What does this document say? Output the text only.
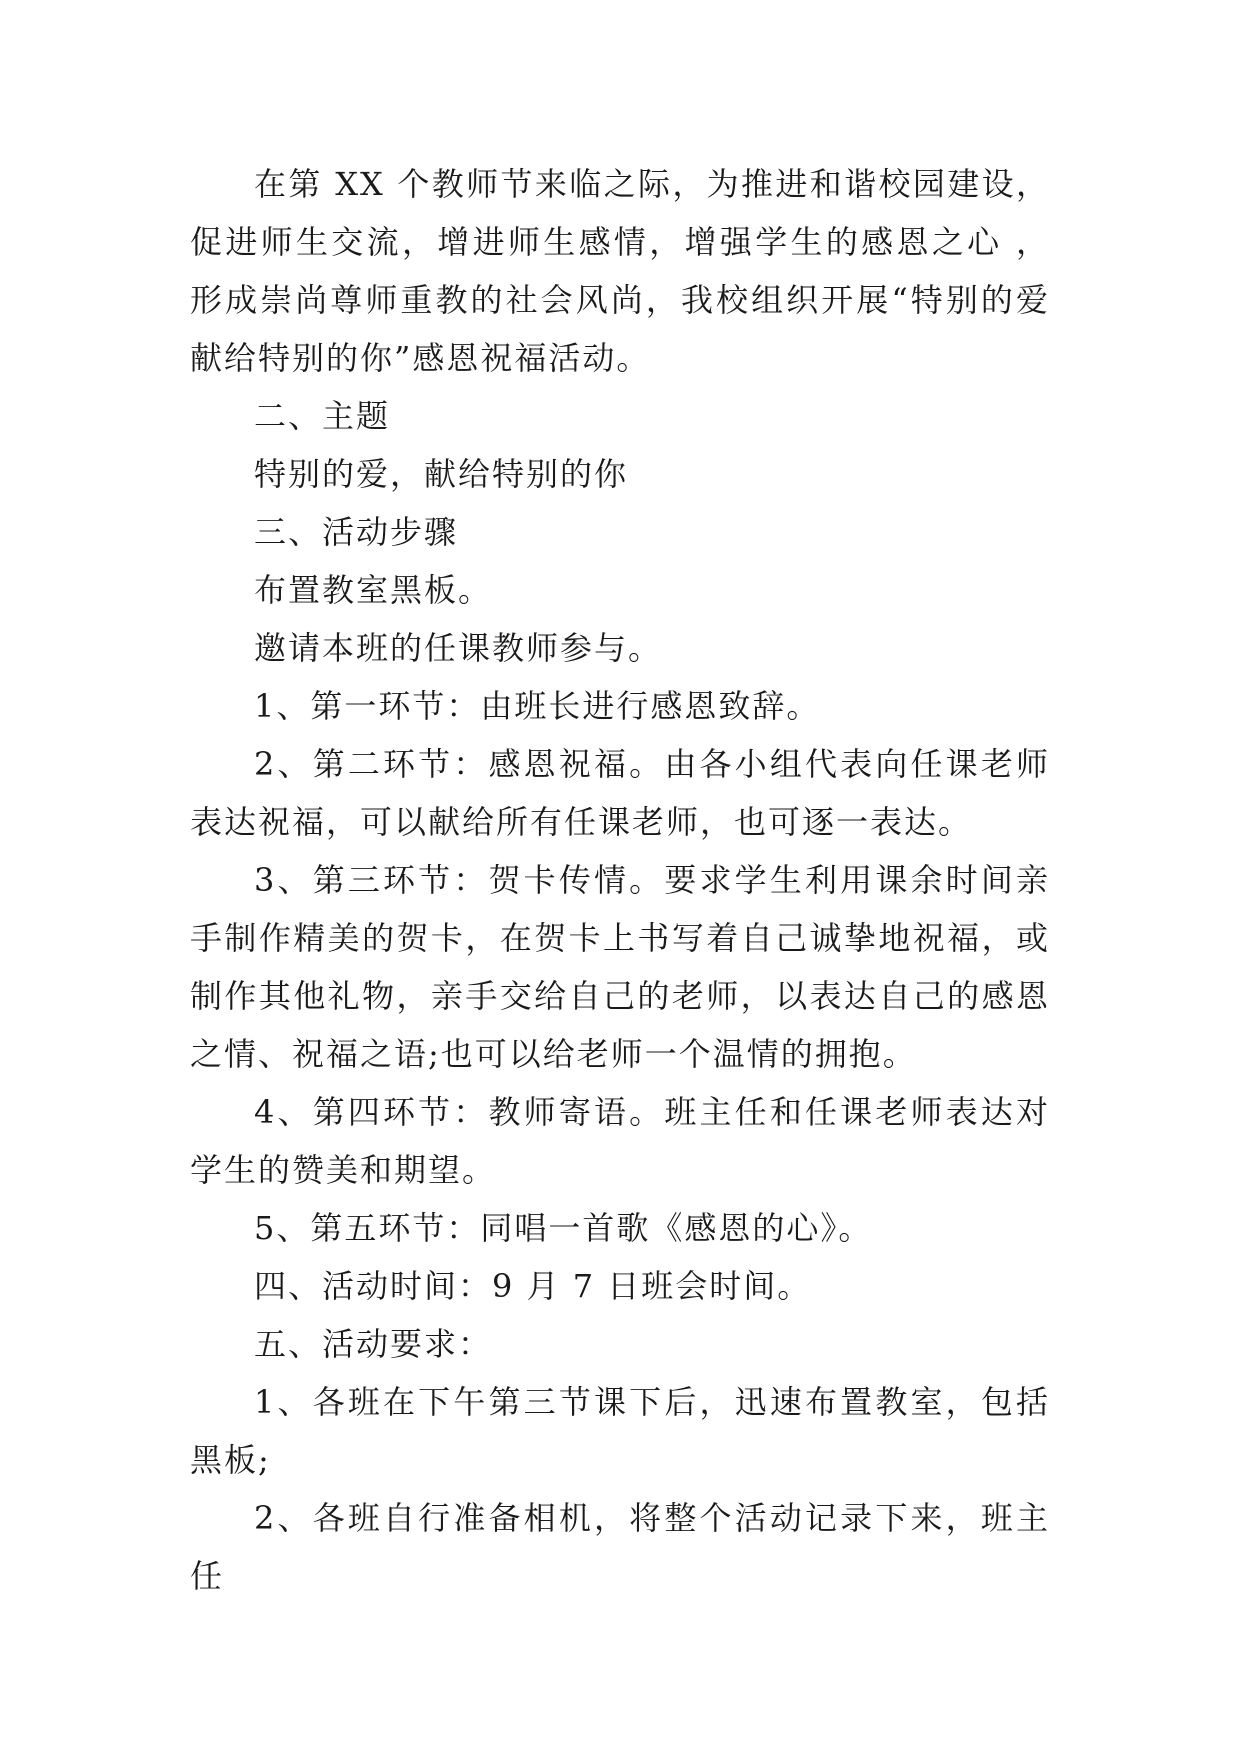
在第 XX 个教师节来临之际，为推进和谐校园建设，促进师生交流，增进师生感情，增强学生的感恩之心 ，形成崇尚尊师重教的社会风尚，我校组织开展“特别的爱献给特别的你”感恩祝福活动。

二、主题

特别的爱，献给特别的你

三、活动步骤

布置教室黑板。

邀请本班的任课教师参与。

1、第一环节：由班长进行感恩致辞。

2、第二环节：感恩祝福。由各小组代表向任课老师表达祝福，可以献给所有任课老师，也可逐一表达。

3、第三环节：贺卡传情。要求学生利用课余时间亲手制作精美的贺卡，在贺卡上书写着自己诚挚地祝福，或制作其他礼物，亲手交给自己的老师，以表达自己的感恩之情、祝福之语;也可以给老师一个温情的拥抱。

4、第四环节：教师寄语。班主任和任课老师表达对学生的赞美和期望。

5、第五环节：同唱一首歌《感恩的心》。

四、活动时间：9 月 7 日班会时间。

五、活动要求：

1、各班在下午第三节课下后，迅速布置教室，包括黑板;

2、各班自行准备相机，将整个活动记录下来，班主任
